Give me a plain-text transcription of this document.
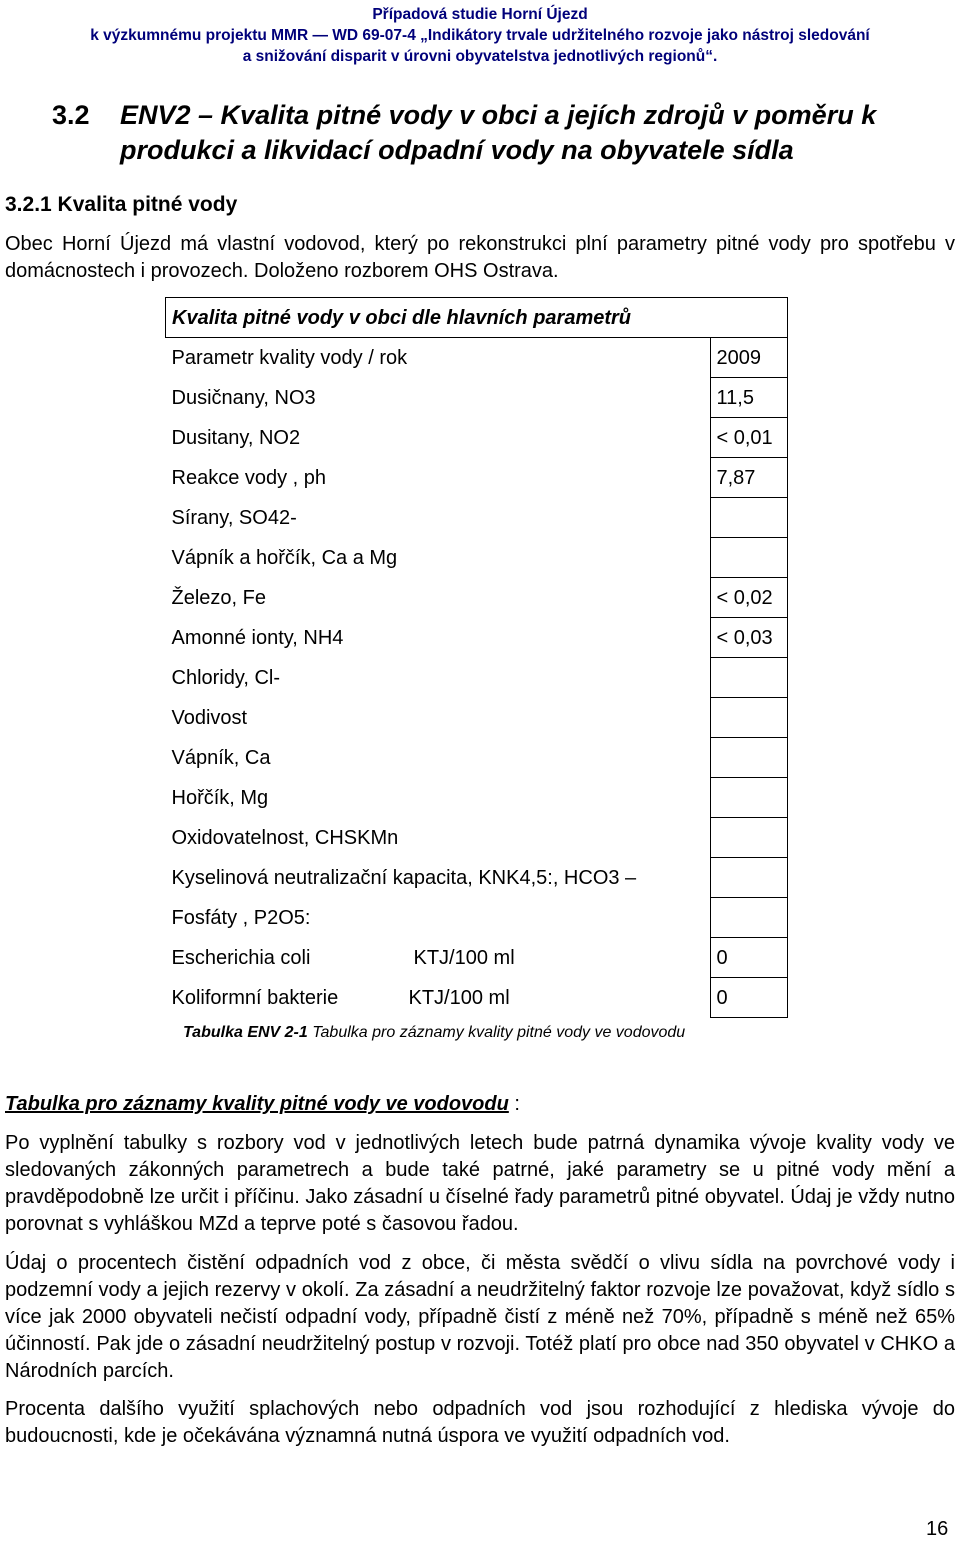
Případová studie Horní Újezd
k výzkumnému projektu MMR — WD 69-07-4 „Indikátory trvale udržitelného rozvoje jako nástroj sledování
a snižování disparit v úrovni obyvatelstva jednotlivých regionů“.
3.2 ENV2 – Kvalita pitné vody v obci a jejích zdrojů v poměru k produkci a likvidací odpadní vody na obyvatele sídla
3.2.1 Kvalita pitné vody
Obec Horní Újezd má vlastní vodovod, který po rekonstrukci plní parametry pitné vody pro spotřebu v domácnostech i provozech. Doloženo rozborem OHS Ostrava.
Kvalita pitné vody v obci dle hlavních parametrů	
Parametr kvality vody / rok	2009
Dusičnany, NO3	11,5
Dusitany, NO2	< 0,01
Reakce vody , ph	7,87
Sírany, SO42-	
Vápník a hořčík, Ca a Mg	
Železo, Fe	< 0,02
Amonné ionty, NH4	< 0,03
Chloridy, Cl-	
Vodivost	
Vápník, Ca	
Hořčík, Mg	
Oxidovatelnost, CHSKMn	
Kyselinová neutralizační kapacita, KNK4,5:, HCO3 –	
Fosfáty , P2O5:	

Escherichia coli KTJ/100 ml	0

Koliformní bakterie KTJ/100 ml	0
Tabulka ENV 2-1 Tabulka pro záznamy kvality pitné vody ve vodovodu
Tabulka pro záznamy kvality pitné vody ve vodovodu :
Po vyplnění tabulky s rozbory vod v jednotlivých letech bude patrná dynamika vývoje kvality vody ve sledovaných zákonných parametrech a bude také patrné, jaké parametry se u pitné vody mění a pravděpodobně lze určit i příčinu. Jako zásadní u číselné řady parametrů pitné obyvatel. Údaj je vždy nutno porovnat s vyhláškou MZd a teprve poté s časovou řadou.
Údaj o procentech čistění odpadních vod z obce, či města svědčí o vlivu sídla na povrchové vody i podzemní vody a jejich rezervy v okolí. Za zásadní a neudržitelný faktor rozvoje lze považovat, když sídlo s více jak 2000 obyvateli nečistí odpadní vody, případně čistí z méně než 70%, případně s méně než 65% účinností. Pak jde o zásadní neudržitelný postup v rozvoji. Totéž platí pro obce nad 350 obyvatel v CHKO a Národních parcích.
Procenta dalšího využití splachových nebo odpadních vod jsou rozhodující z hlediska vývoje do budoucnosti, kde je očekávána významná nutná úspora ve využití odpadních vod.
16
